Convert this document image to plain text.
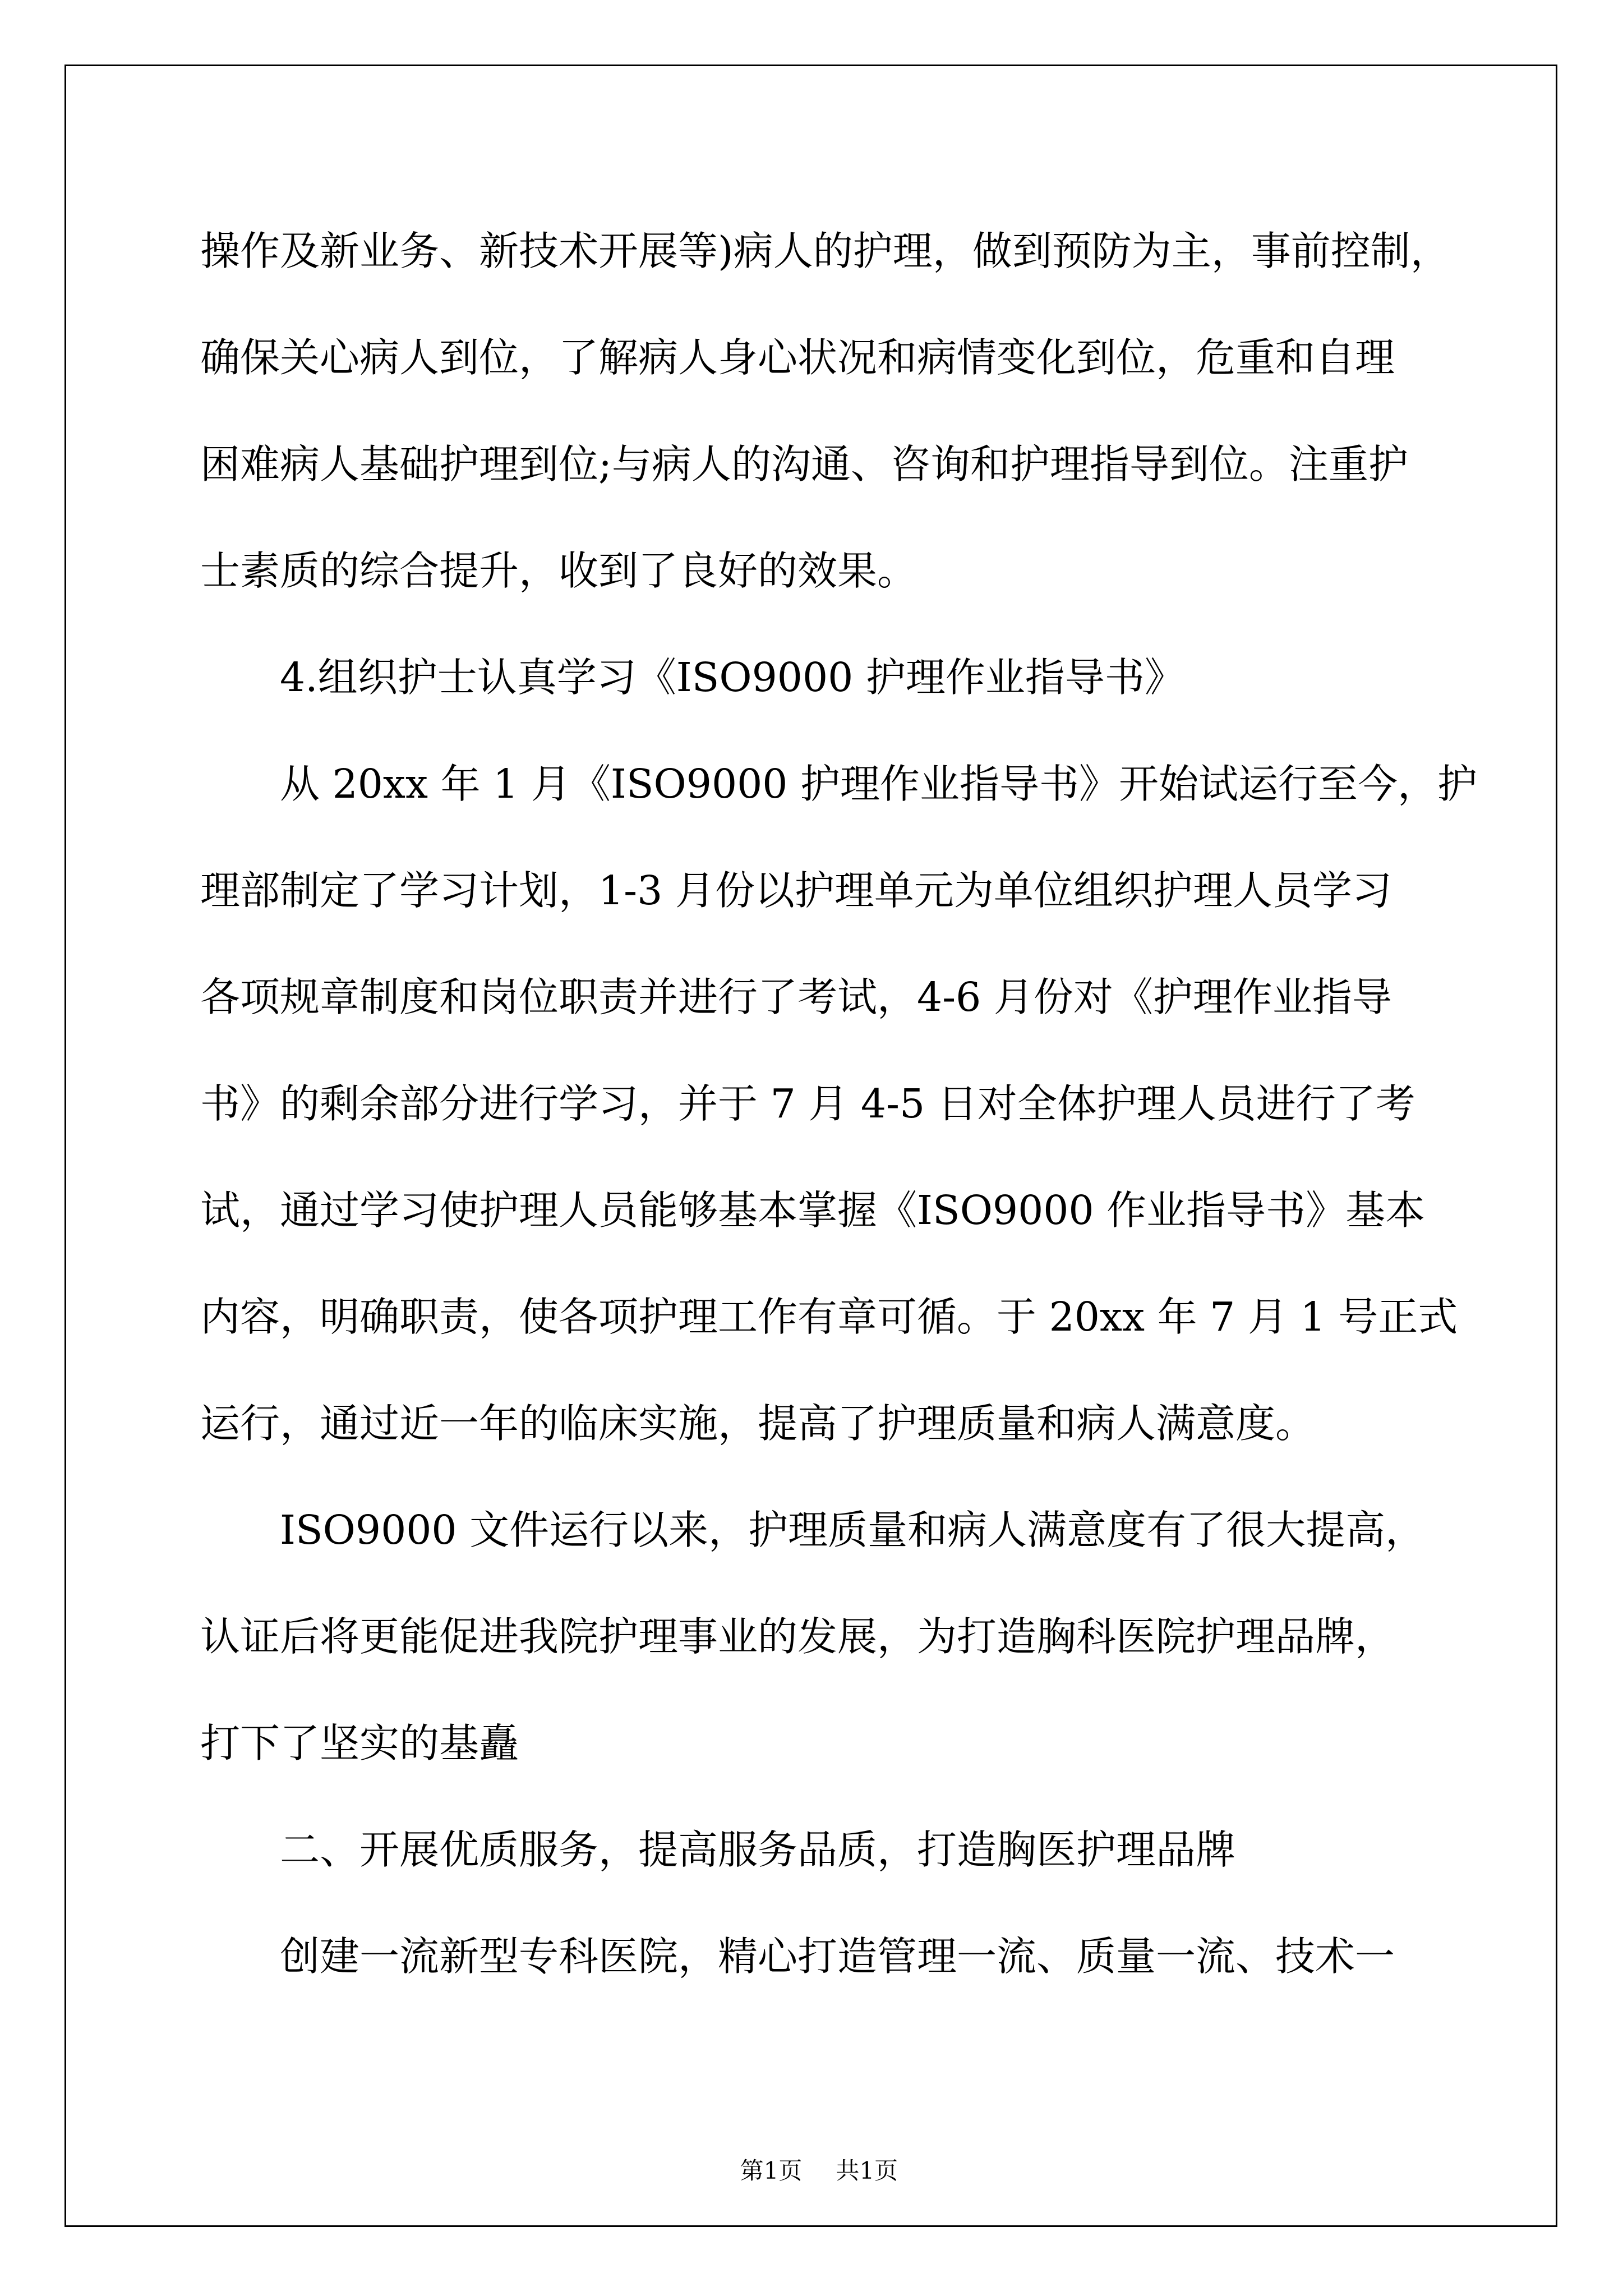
操作及新业务、新技术开展等)病人的护理，做到预防为主，事前控制，
确保关心病人到位，了解病人身心状况和病情变化到位，危重和自理
困难病人基础护理到位;与病人的沟通、咨询和护理指导到位。注重护
士素质的综合提升，收到了良好的效果。
4.组织护士认真学习《ISO9000 护理作业指导书》
从 20xx 年 1 月《ISO9000 护理作业指导书》开始试运行至今，护
理部制定了学习计划，1-3 月份以护理单元为单位组织护理人员学习
各项规章制度和岗位职责并进行了考试，4-6 月份对《护理作业指导
书》的剩余部分进行学习，并于 7 月 4-5 日对全体护理人员进行了考
试，通过学习使护理人员能够基本掌握《ISO9000 作业指导书》基本
内容，明确职责，使各项护理工作有章可循。于 20xx 年 7 月 1 号正式
运行，通过近一年的临床实施，提高了护理质量和病人满意度。
ISO9000 文件运行以来，护理质量和病人满意度有了很大提高，
认证后将更能促进我院护理事业的发展，为打造胸科医院护理品牌，
打下了坚实的基矗
二、开展优质服务，提高服务品质，打造胸医护理品牌
创建一流新型专科医院，精心打造管理一流、质量一流、技术一

第1页 共1页
